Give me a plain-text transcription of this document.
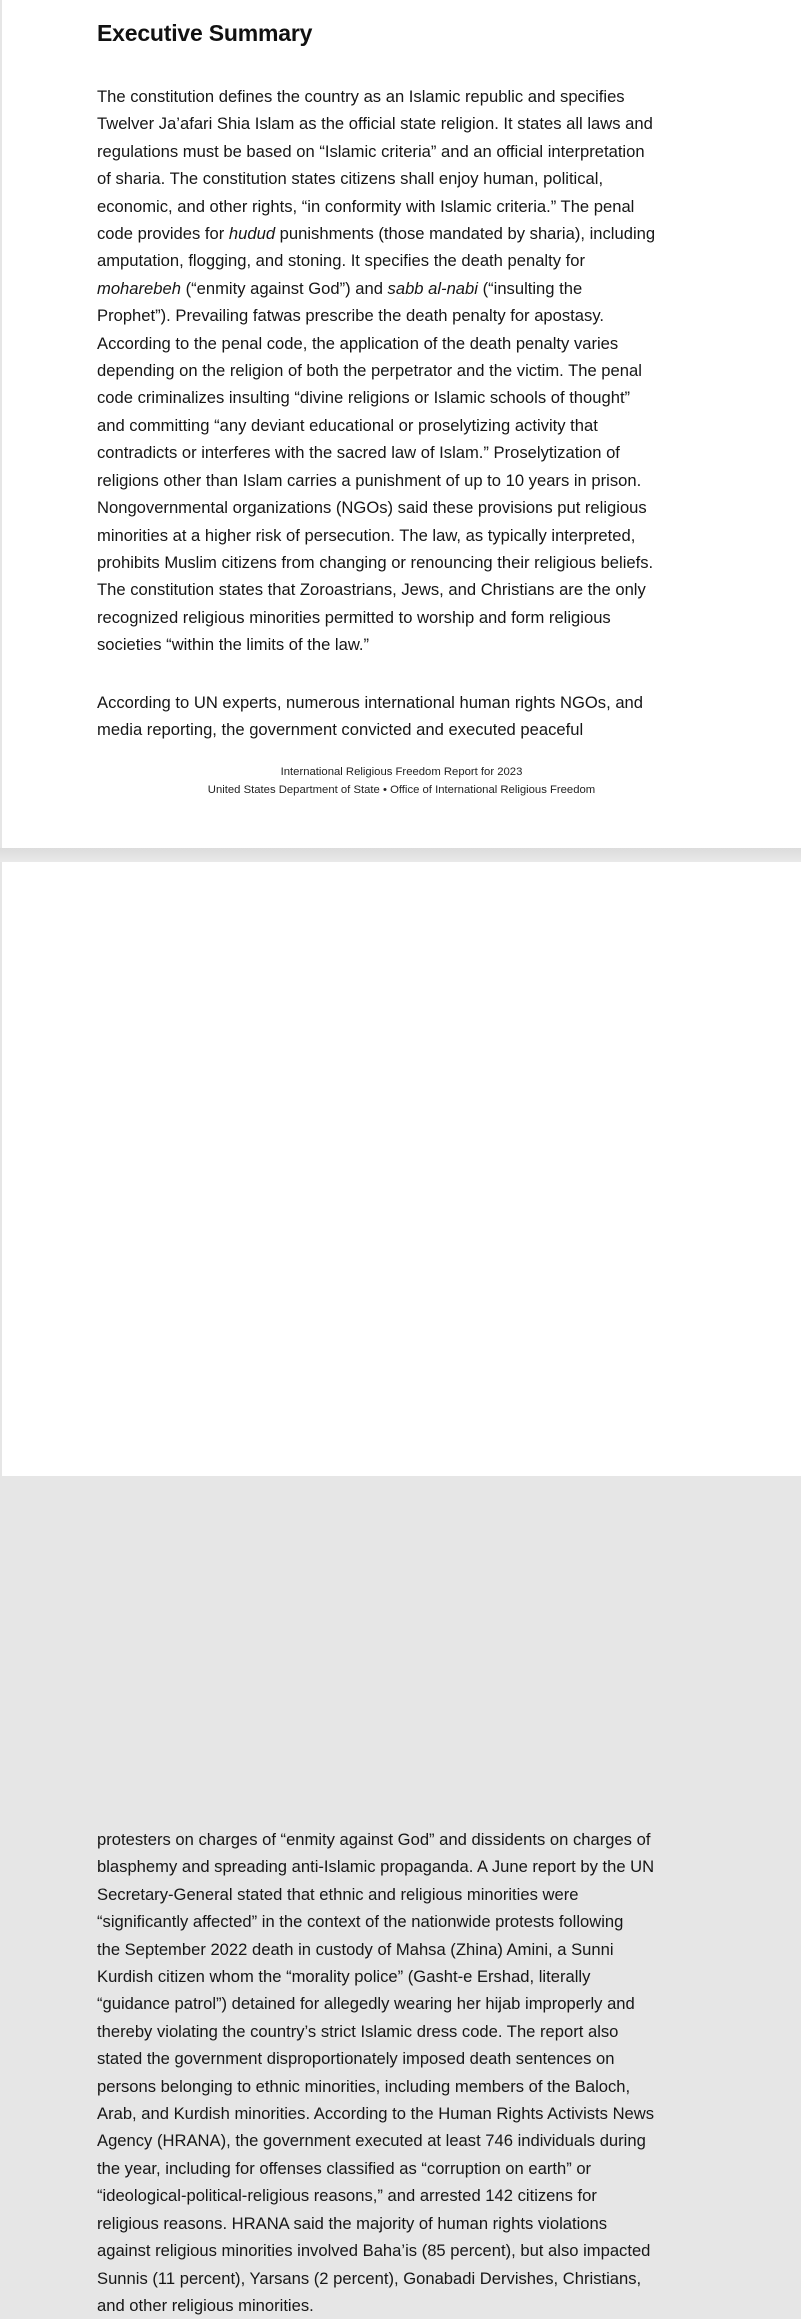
Executive Summary

The constitution defines the country as an Islamic republic and specifies
Twelver Ja’afari Shia Islam as the official state religion. It states all laws and
regulations must be based on “Islamic criteria” and an official interpretation
of sharia. The constitution states citizens shall enjoy human, political,
economic, and other rights, “in conformity with Islamic criteria.” The penal
code provides for hudud punishments (those mandated by sharia), including
amputation, flogging, and stoning. It specifies the death penalty for
moharebeh (“enmity against God”) and sabb al-nabi (“insulting the
Prophet”). Prevailing fatwas prescribe the death penalty for apostasy.
According to the penal code, the application of the death penalty varies
depending on the religion of both the perpetrator and the victim. The penal
code criminalizes insulting “divine religions or Islamic schools of thought”
and committing “any deviant educational or proselytizing activity that
contradicts or interferes with the sacred law of Islam.” Proselytization of
religions other than Islam carries a punishment of up to 10 years in prison.
Nongovernmental organizations (NGOs) said these provisions put religious
minorities at a higher risk of persecution. The law, as typically interpreted,
prohibits Muslim citizens from changing or renouncing their religious beliefs.
The constitution states that Zoroastrians, Jews, and Christians are the only
recognized religious minorities permitted to worship and form religious
societies “within the limits of the law.”

According to UN experts, numerous international human rights NGOs, and
media reporting, the government convicted and executed peaceful

International Religious Freedom Report for 2023

United States Department of State • Office of International Religious Freedom

protesters on charges of “enmity against God” and dissidents on charges of
blasphemy and spreading anti-Islamic propaganda. A June report by the UN
Secretary-General stated that ethnic and religious minorities were
“significantly affected” in the context of the nationwide protests following
the September 2022 death in custody of Mahsa (Zhina) Amini, a Sunni
Kurdish citizen whom the “morality police” (Gasht-e Ershad, literally
“guidance patrol”) detained for allegedly wearing her hijab improperly and
thereby violating the country’s strict Islamic dress code. The report also
stated the government disproportionately imposed death sentences on
persons belonging to ethnic minorities, including members of the Baloch,
Arab, and Kurdish minorities. According to the Human Rights Activists News
Agency (HRANA), the government executed at least 746 individuals during
the year, including for offenses classified as “corruption on earth” or
“ideological-political-religious reasons,” and arrested 142 citizens for
religious reasons. HRANA said the majority of human rights violations
against religious minorities involved Baha’is (85 percent), but also impacted
Sunnis (11 percent), Yarsans (2 percent), Gonabadi Dervishes, Christians,
and other religious minorities.
